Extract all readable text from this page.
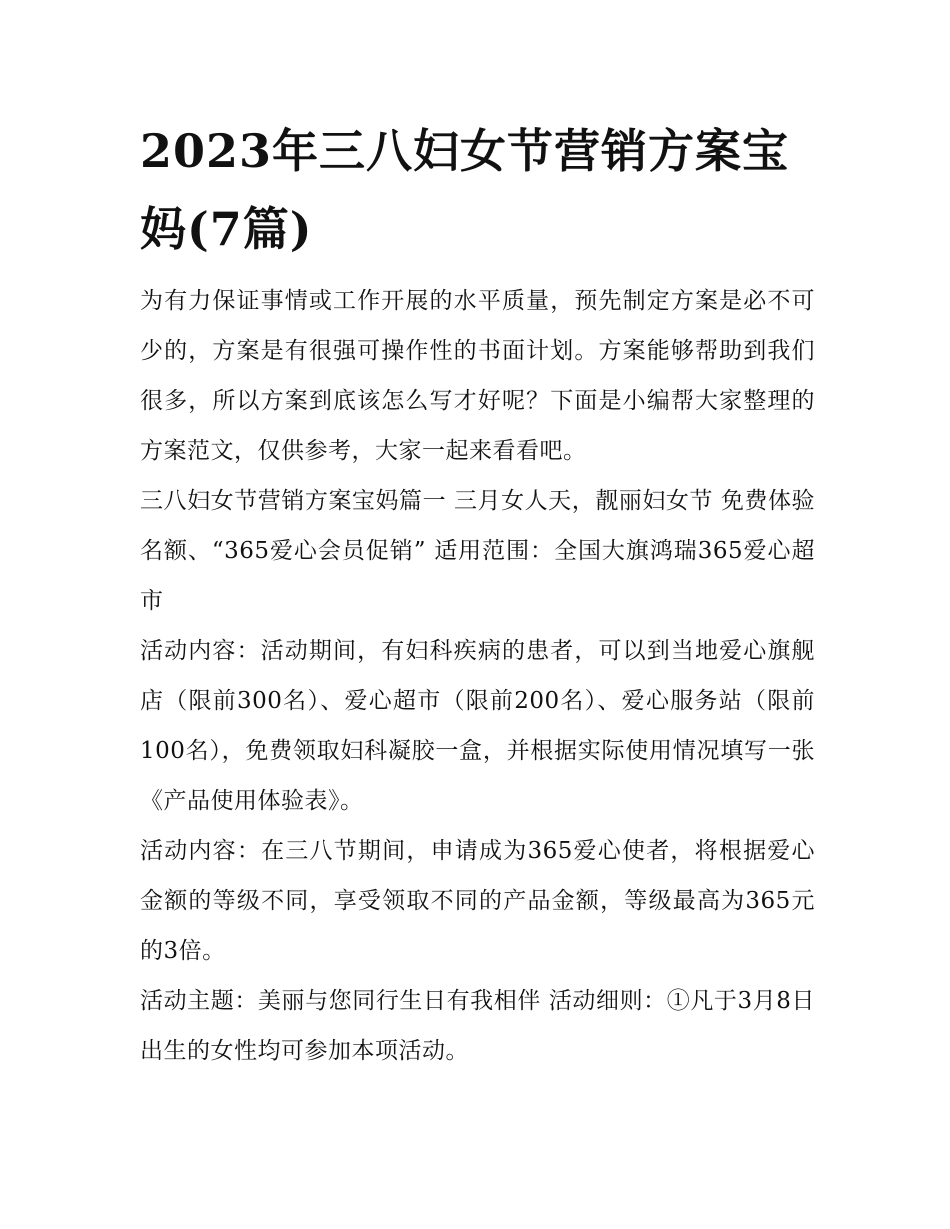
2023年三八妇女节营销方案宝妈(7篇)

为有力保证事情或工作开展的水平质量，预先制定方案是必不可少的，方案是有很强可操作性的书面计划。方案能够帮助到我们很多，所以方案到底该怎么写才好呢？下面是小编帮大家整理的方案范文，仅供参考，大家一起来看看吧。

三八妇女节营销方案宝妈篇一 三月女人天，靓丽妇女节 免费体验名额、“365爱心会员促销” 适用范围：全国大旗鸿瑞365爱心超市

活动内容：活动期间，有妇科疾病的患者，可以到当地爱心旗舰店（限前300名）、爱心超市（限前200名）、爱心服务站（限前100名），免费领取妇科凝胶一盒，并根据实际使用情况填写一张《产品使用体验表》。

活动内容：在三八节期间，申请成为365爱心使者，将根据爱心金额的等级不同，享受领取不同的产品金额，等级最高为365元的3倍。

活动主题：美丽与您同行生日有我相伴 活动细则：①凡于3月8日出生的女性均可参加本项活动。
